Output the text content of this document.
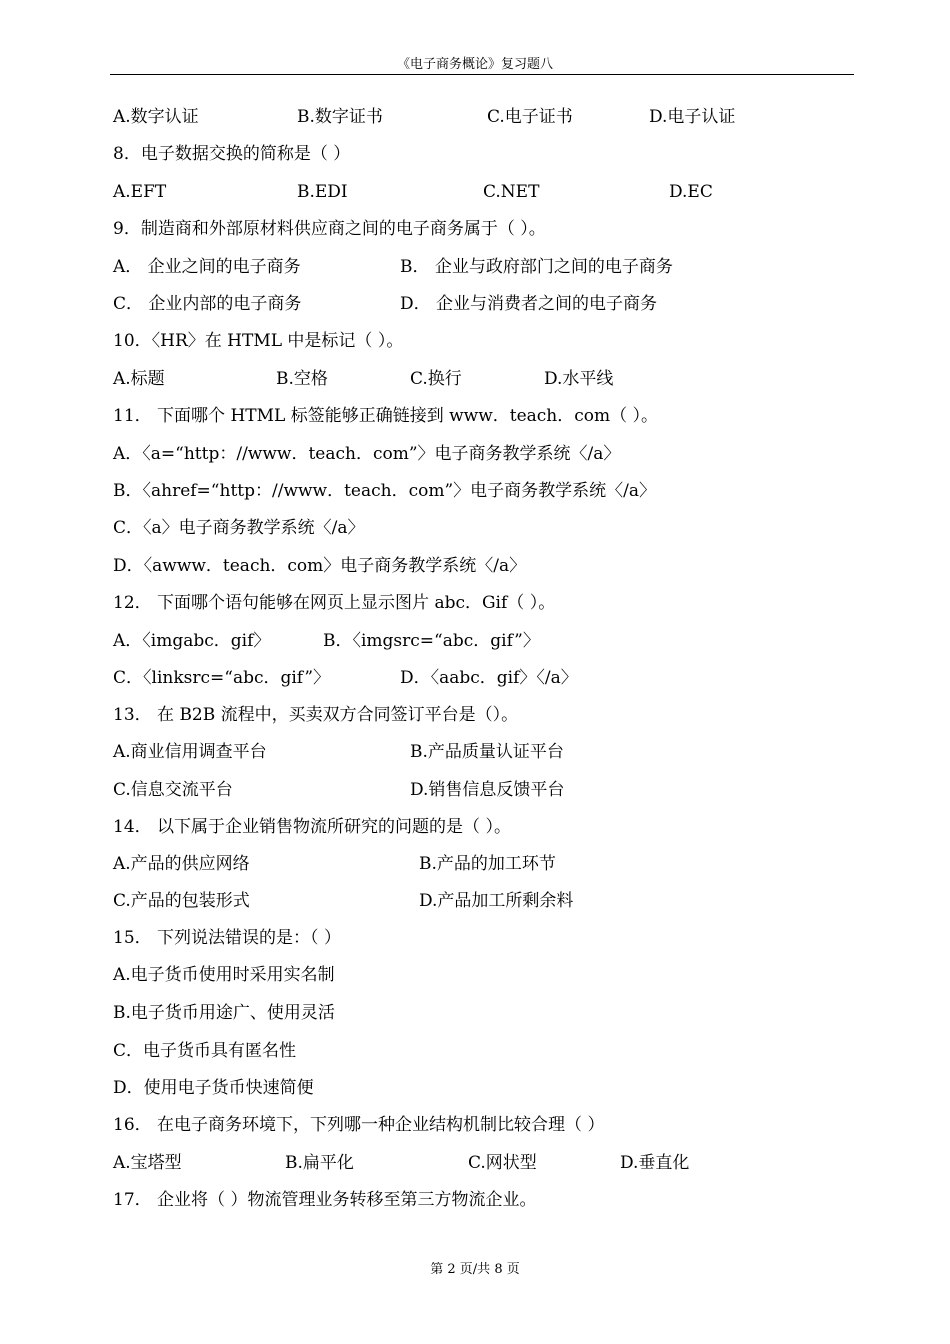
《电子商务概论》复习题八
A.数字认证	B.数字证书	C.电子证书	D.电子认证
8．电子数据交换的简称是（ ）
A.EFT	B.EDI	C.NET	D.EC
9．制造商和外部原材料供应商之间的电子商务属于（ ）。
A． 企业之间的电子商务	B． 企业与政府部门之间的电子商务
C． 企业内部的电子商务	D． 企业与消费者之间的电子商务
10．〈HR〉在 HTML 中是标记（ ）。
A.标题	B.空格	C.换行	D.水平线
11． 下面哪个 HTML 标签能够正确链接到 www．teach．com（ ）。
A．〈a=“http：//www．teach．com”〉电子商务教学系统〈/a〉
B．〈ahref=“http：//www．teach．com”〉电子商务教学系统〈/a〉
C．〈a〉电子商务教学系统〈/a〉
D．〈awww．teach．com〉电子商务教学系统〈/a〉
12． 下面哪个语句能够在网页上显示图片 abc．Gif（ ）。
A．〈imgabc．gif〉	B．〈imgsrc=“abc．gif”〉
C．〈linksrc=“abc．gif”〉	D．〈aabc．gif〉〈/a〉
13． 在 B2B 流程中，买卖双方合同签订平台是（）。
A.商业信用调查平台	B.产品质量认证平台
C.信息交流平台	D.销售信息反馈平台
14． 以下属于企业销售物流所研究的问题的是（ ）。
A.产品的供应网络	B.产品的加工环节
C.产品的包装形式	D.产品加工所剩余料
15． 下列说法错误的是：（ ）
A.电子货币使用时采用实名制
B.电子货币用途广、使用灵活
C．电子货币具有匿名性
D．使用电子货币快速简便
16． 在电子商务环境下，下列哪一种企业结构机制比较合理（ ）
A.宝塔型	B.扁平化	C.网状型	D.垂直化
17． 企业将（ ）物流管理业务转移至第三方物流企业。
第 2 页/共 8 页
